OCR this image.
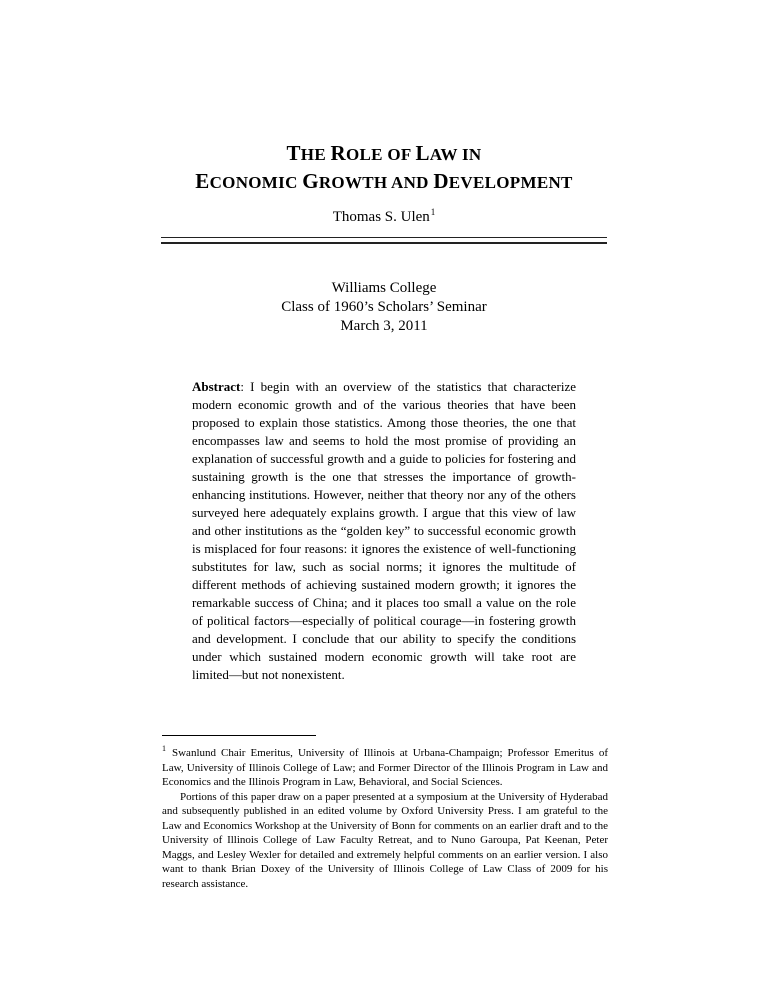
THE ROLE OF LAW IN
ECONOMIC GROWTH AND DEVELOPMENT
Thomas S. Ulen$^1$
Williams College
Class of 1960’s Scholars’ Seminar
March 3, 2011
Abstract: I begin with an overview of the statistics that characterize modern economic growth and of the various theories that have been proposed to explain those statistics. Among those theories, the one that encompasses law and seems to hold the most promise of providing an explanation of successful growth and a guide to policies for fostering and sustaining growth is the one that stresses the importance of growth-enhancing institutions. However, neither that theory nor any of the others surveyed here adequately explains growth. I argue that this view of law and other institutions as the “golden key” to successful economic growth is misplaced for four reasons: it ignores the existence of well-functioning substitutes for law, such as social norms; it ignores the multitude of different methods of achieving sustained modern growth; it ignores the remarkable success of China; and it places too small a value on the role of political factors—especially of political courage—in fostering growth and development. I conclude that our ability to specify the conditions under which sustained modern economic growth will take root are limited—but not nonexistent.

$^1$ Swanlund Chair Emeritus, University of Illinois at Urbana-Champaign; Professor Emeritus of Law, University of Illinois College of Law; and Former Director of the Illinois Program in Law and Economics and the Illinois Program in Law, Behavioral, and Social Sciences.

Portions of this paper draw on a paper presented at a symposium at the University of Hyderabad and subsequently published in an edited volume by Oxford University Press. I am grateful to the Law and Economics Workshop at the University of Bonn for comments on an earlier draft and to the University of Illinois College of Law Faculty Retreat, and to Nuno Garoupa, Pat Keenan, Peter Maggs, and Lesley Wexler for detailed and extremely helpful comments on an earlier version. I also want to thank Brian Doxey of the University of Illinois College of Law Class of 2009 for his research assistance.
